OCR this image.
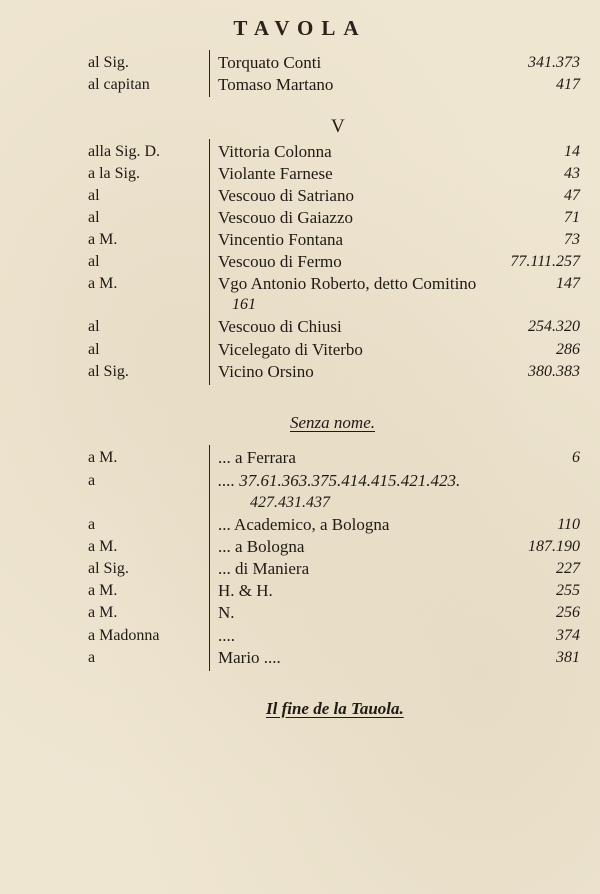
TAVOLA
al Sig.	Torquato Conti	341.373
al capitan	Tomaso Martano	417
V
alla Sig. D.	Vittoria Colonna	14
a la Sig.	Violante Farnese	43
al	Vescouo di Satriano	47
al	Vescouo di Gaiazzo	71
a M.	Vincentio Fontana	73
al	Vescouo di Fermo	77.111.257
a M.	Vgo Antonio Roberto, detto Comitino	147
161
al	Vescouo di Chiusi	254.320
al	Vicelegato di Viterbo	286
al Sig.	Vicino Orsino	380.383
Senza nome.
a M.	... a Ferrara	6
a	.... 37.61.363.375.414.415.421.423.
427.431.437
a	... Academico, a Bologna	110
a M.	... a Bologna	187.190
al Sig.	... di Maniera	227
a M.	H. & H.	255
a M.	N.	256
a Madonna	....	374
a	Mario ....	381
Il fine de la Tauola.
